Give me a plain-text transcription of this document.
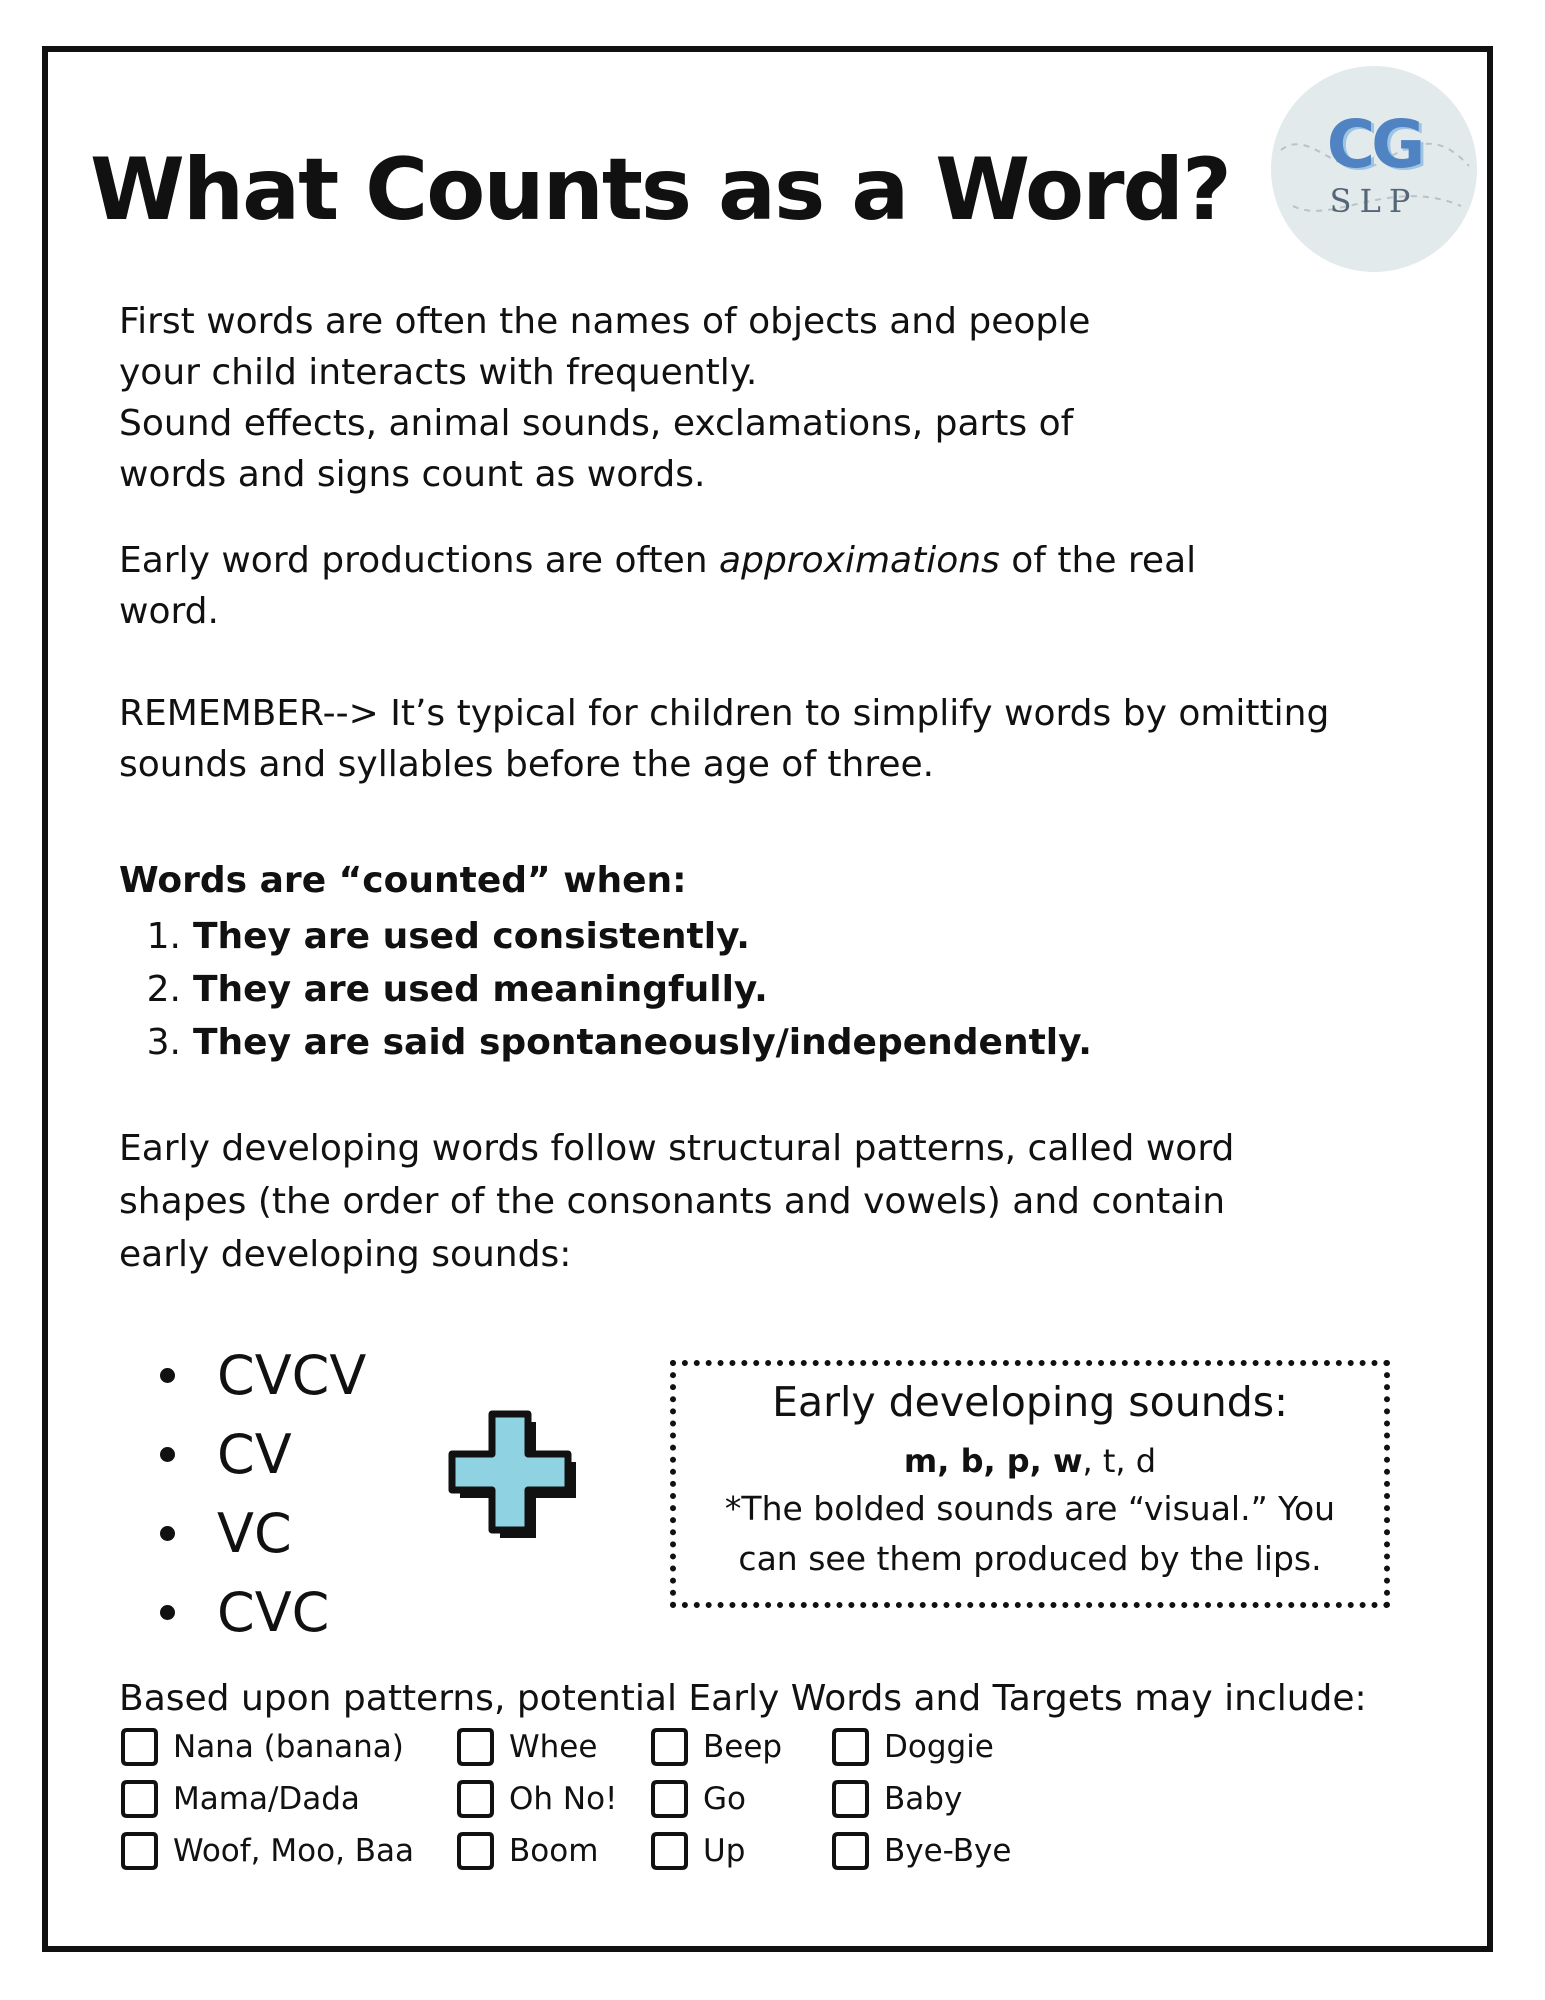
What Counts as a Word?	CG
SLP

First words are often the names of objects and people

your child interacts with frequently.

Sound effects, animal sounds, exclamations, parts of

words and signs count as words.

Early word productions are often approximations of the real

word.

REMEMBER--> It’s typical for children to simplify words by omitting

sounds and syllables before the age of three.

Words are “counted” when:
1. They are used consistently.
2. They are used meaningfully.
3. They are said spontaneously/independently.

Early developing words follow structural patterns, called word

shapes (the order of the consonants and vowels) and contain

early developing sounds:

CVCV
CV
VC
CVC
Early developing sounds:
m, b, p, w, t, d
*The bolded sounds are “visual.” You
can see them produced by the lips.

Based upon patterns, potential Early Words and Targets may include:

Nana (banana)
Mama/Dada
Woof, Moo, Baa
Whee
Oh No!
Boom
Beep
Go
Up
Doggie
Baby
Bye-Bye
